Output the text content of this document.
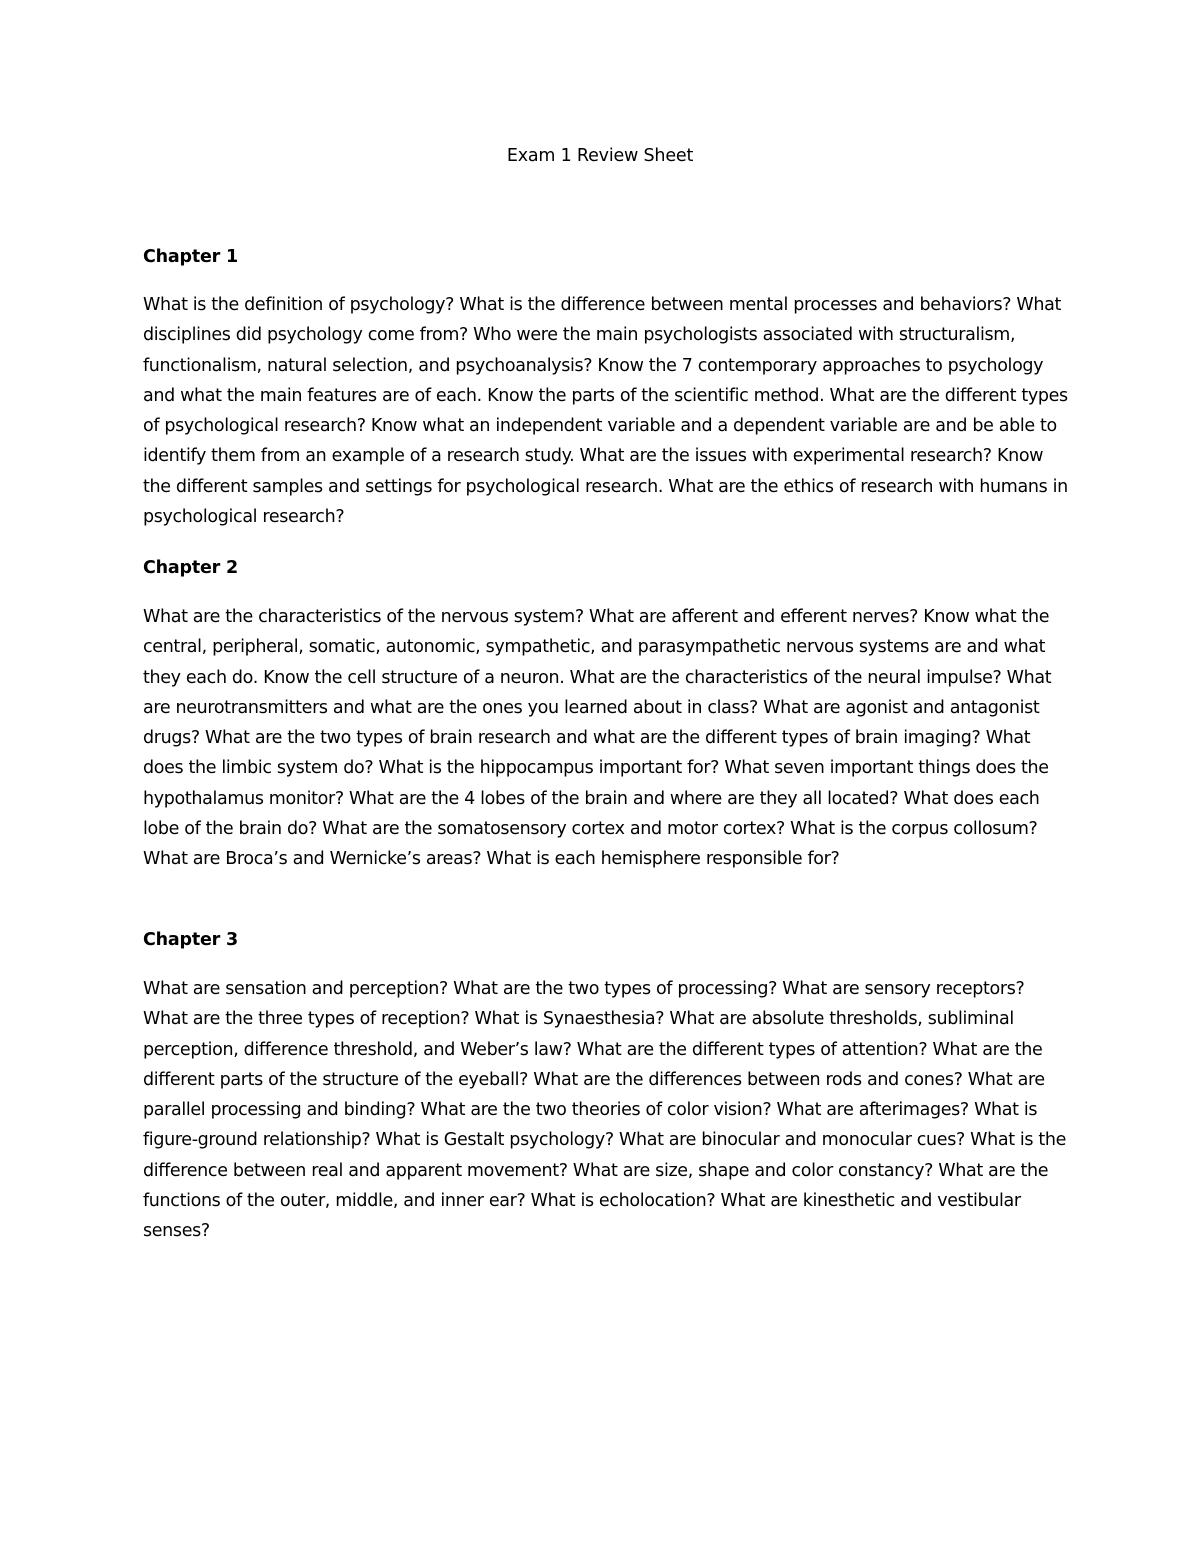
Exam 1 Review Sheet
Chapter 1

What is the definition of psychology? What is the difference between mental processes and behaviors? What disciplines did psychology come from? Who were the main psychologists associated with structuralism, functionalism, natural selection, and psychoanalysis? Know the 7 contemporary approaches to psychology and what the main features are of each. Know the parts of the scientific method. What are the different types of psychological research? Know what an independent variable and a dependent variable are and be able to identify them from an example of a research study. What are the issues with experimental research? Know the different samples and settings for psychological research. What are the ethics of research with humans in psychological research?

Chapter 2

What are the characteristics of the nervous system? What are afferent and efferent nerves? Know what the central, peripheral, somatic, autonomic, sympathetic, and parasympathetic nervous systems are and what they each do. Know the cell structure of a neuron. What are the characteristics of the neural impulse? What are neurotransmitters and what are the ones you learned about in class? What are agonist and antagonist drugs? What are the two types of brain research and what are the different types of brain imaging? What does the limbic system do? What is the hippocampus important for? What seven important things does the hypothalamus monitor? What are the 4 lobes of the brain and where are they all located? What does each lobe of the brain do? What are the somatosensory cortex and motor cortex? What is the corpus collosum? What are Broca’s and Wernicke’s areas? What is each hemisphere responsible for?

Chapter 3

What are sensation and perception? What are the two types of processing? What are sensory receptors? What are the three types of reception? What is Synaesthesia? What are absolute thresholds, subliminal perception, difference threshold, and Weber’s law? What are the different types of attention? What are the different parts of the structure of the eyeball? What are the differences between rods and cones? What are parallel processing and binding? What are the two theories of color vision? What are afterimages? What is figure-ground relationship? What is Gestalt psychology? What are binocular and monocular cues? What is the difference between real and apparent movement? What are size, shape and color constancy? What are the functions of the outer, middle, and inner ear? What is echolocation? What are kinesthetic and vestibular senses?
